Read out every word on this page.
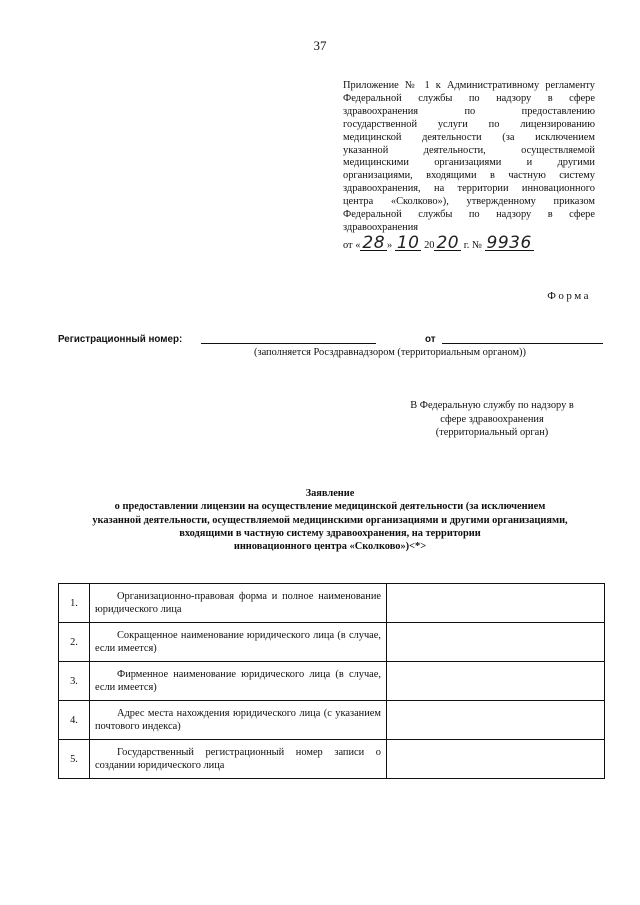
37
Приложение № 1 к Административному регламенту
Федеральной службы по надзору в сфере
здравоохранения по предоставлению
государственной услуги по лицензированию
медицинской деятельности (за исключением
указанной деятельности, осуществляемой
медицинскими организациями и другими
организациями, входящими в частную систему
здравоохранения, на территории инновационного
центра «Сколково»), утвержденному приказом
Федеральной службы по надзору в сфере
здравоохранения
от « 28 » 10 20 20 г. № 9936
Форма
Регистрационный номер:	от
(заполняется Росздравнадзором (территориальным органом))
В Федеральную службу по надзору в
сфере здравоохранения
(территориальный орган)
Заявление
о предоставлении лицензии на осуществление медицинской деятельности (за исключением
указанной деятельности, осуществляемой медицинскими организациями и другими организациями,
входящими в частную систему здравоохранения, на территории
инновационного центра «Сколково»)<*>
1.	Организационно-правовая форма и полное наименование юридического лица	
2.	Сокращенное наименование юридического лица (в случае, если имеется)	
3.	Фирменное наименование юридического лица (в случае, если имеется)	
4.	Адрес места нахождения юридического лица (с указанием почтового индекса)	
5.	Государственный регистрационный номер записи о создании юридического лица	
